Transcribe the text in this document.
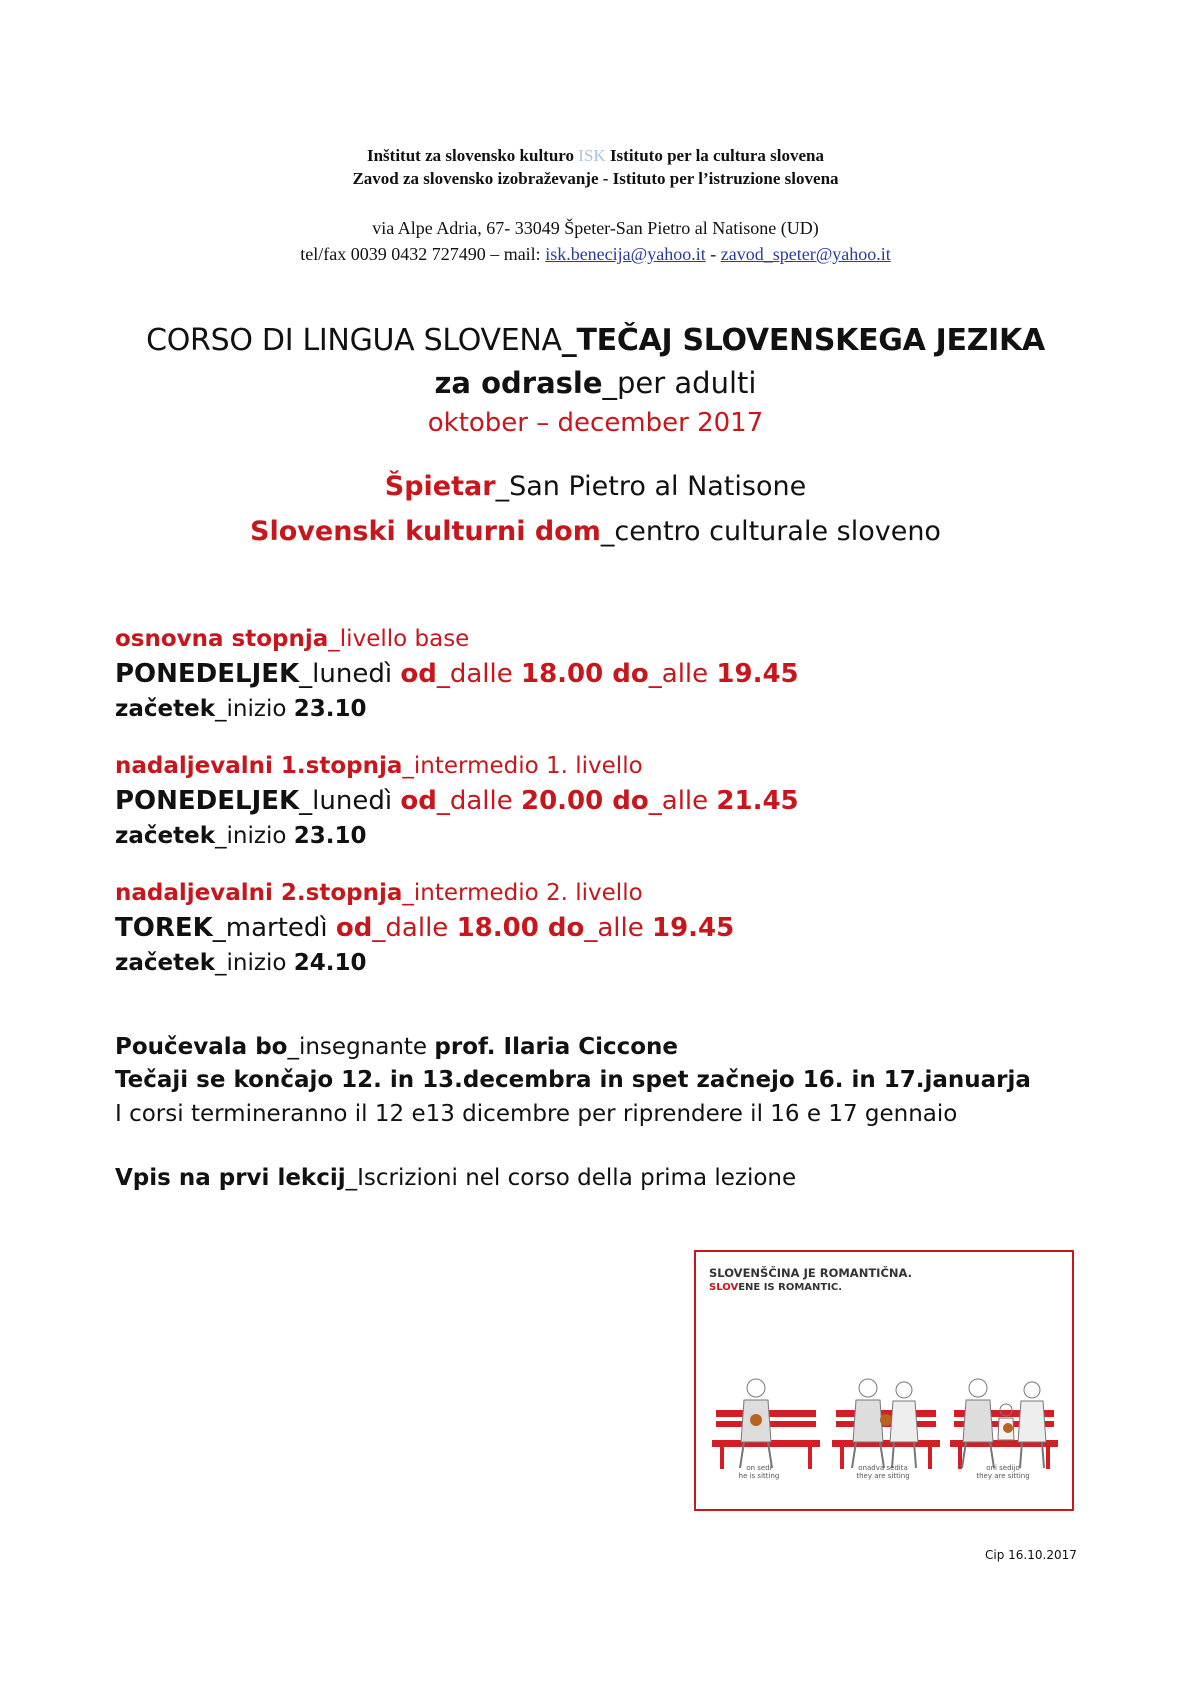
Inštitut za slovensko kulturo ISK Istituto per la cultura slovena
Zavod za slovensko izobraževanje - Istituto per l’istruzione slovena
via Alpe Adria, 67- 33049 Špeter-San Pietro al Natisone (UD)
tel/fax 0039 0432 727490 – mail: isk.benecija@yahoo.it - zavod_speter@yahoo.it
CORSO DI LINGUA SLOVENA_TEČAJ SLOVENSKEGA JEZIKA
za odrasle_per adulti
oktober – december 2017
Špietar_San Pietro al Natisone
Slovenski kulturni dom_centro culturale sloveno
osnovna stopnja_livello base
PONEDELJEK_lunedì od_dalle 18.00 do_alle 19.45
začetek_inizio 23.10
nadaljevalni 1.stopnja_intermedio 1. livello
PONEDELJEK_lunedì od_dalle 20.00 do_alle 21.45
začetek_inizio 23.10
nadaljevalni 2.stopnja_intermedio 2. livello
TOREK_martedì od_dalle 18.00 do_alle 19.45
začetek_inizio 24.10
Poučevala bo_insegnante prof. Ilaria Ciccone
Tečaji se končajo 12. in 13.decembra in spet začnejo 16. in 17.januarja
I corsi termineranno il 12 e13 dicembre per riprendere il 16 e 17 gennaio
Vpis na prvi lekcij_Iscrizioni nel corso della prima lezione
SLOVENŠČINA JE ROMANTIČNA.
SLOVENE IS ROMANTIC.
on sedi
he is sitting
onadva sedita
they are sitting
oni sedijo
they are sitting
Cip 16.10.2017
